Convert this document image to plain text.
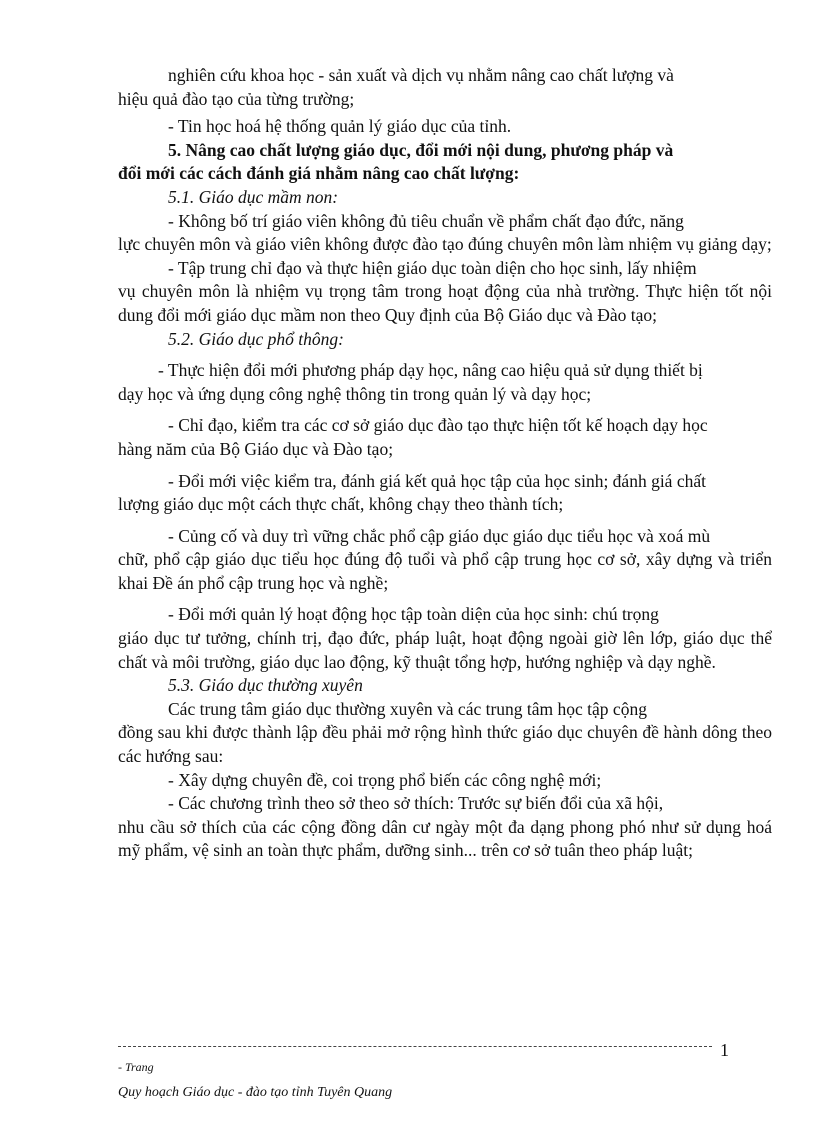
nghiên cứu khoa học - sản xuất và dịch vụ nhằm nâng cao chất lượng và

hiệu quả đào tạo của từng trường;

- Tin học hoá hệ thống quản lý giáo dục của tỉnh.

5. Nâng cao chất lượng giáo dục, đổi mới nội dung, phương pháp và

đổi mới các cách đánh giá nhằm nâng cao chất lượng:

5.1. Giáo dục mầm non:

- Không bố trí giáo viên không đủ tiêu chuẩn về phẩm chất đạo đức, năng

lực chuyên môn và giáo viên không được đào tạo đúng chuyên môn làm nhiệm vụ giảng dạy;

- Tập trung chỉ đạo và thực hiện giáo dục toàn diện cho học sinh, lấy nhiệm

vụ chuyên môn là nhiệm vụ trọng tâm trong hoạt động của nhà trường. Thực hiện tốt nội dung đổi mới giáo dục mầm non theo Quy định của Bộ Giáo dục và Đào tạo;

5.2. Giáo dục phổ thông:

- Thực hiện đổi mới phương pháp dạy học, nâng cao hiệu quả sử dụng thiết bị

dạy học và ứng dụng công nghệ thông tin trong quản lý và dạy học;

- Chỉ đạo, kiểm tra các cơ sở giáo dục đào tạo thực hiện tốt kế hoạch dạy học

hàng năm của Bộ Giáo dục và Đào tạo;

- Đổi mới việc kiểm tra, đánh giá kết quả học tập của học sinh; đánh giá chất

lượng giáo dục một cách thực chất, không chạy theo thành tích;

- Củng cố và duy trì vững chắc phổ cập giáo dục giáo dục tiểu học và xoá mù

chữ, phổ cập giáo dục tiểu học đúng độ tuổi và phổ cập trung học cơ sở, xây dựng và triển khai Đề án phổ cập trung học và nghề;

- Đổi mới quản lý hoạt động học tập toàn diện của học sinh: chú trọng

giáo dục tư tưởng, chính trị, đạo đức, pháp luật, hoạt động ngoài giờ lên lớp, giáo dục thể chất và môi trường, giáo dục lao động, kỹ thuật tổng hợp, hướng nghiệp và dạy nghề.

5.3. Giáo dục thường xuyên

Các trung tâm giáo dục thường xuyên và các trung tâm học tập cộng

đồng sau khi được thành lập đều phải mở rộng hình thức giáo dục chuyên đề hành dông theo các hướng sau:

- Xây dựng chuyên đề, coi trọng phổ biến các công nghệ mới;

- Các chương trình theo sở theo sở thích: Trước sự biến đổi của xã hội,

nhu cầu sở thích của các cộng đồng dân cư ngày một đa dạng phong phó như sử dụng hoá mỹ phẩm, vệ sinh an toàn thực phẩm, dưỡng sinh... trên cơ sở tuân theo pháp luật;

1
- Trang
Quy hoạch Giáo dục - đào tạo tỉnh Tuyên Quang
